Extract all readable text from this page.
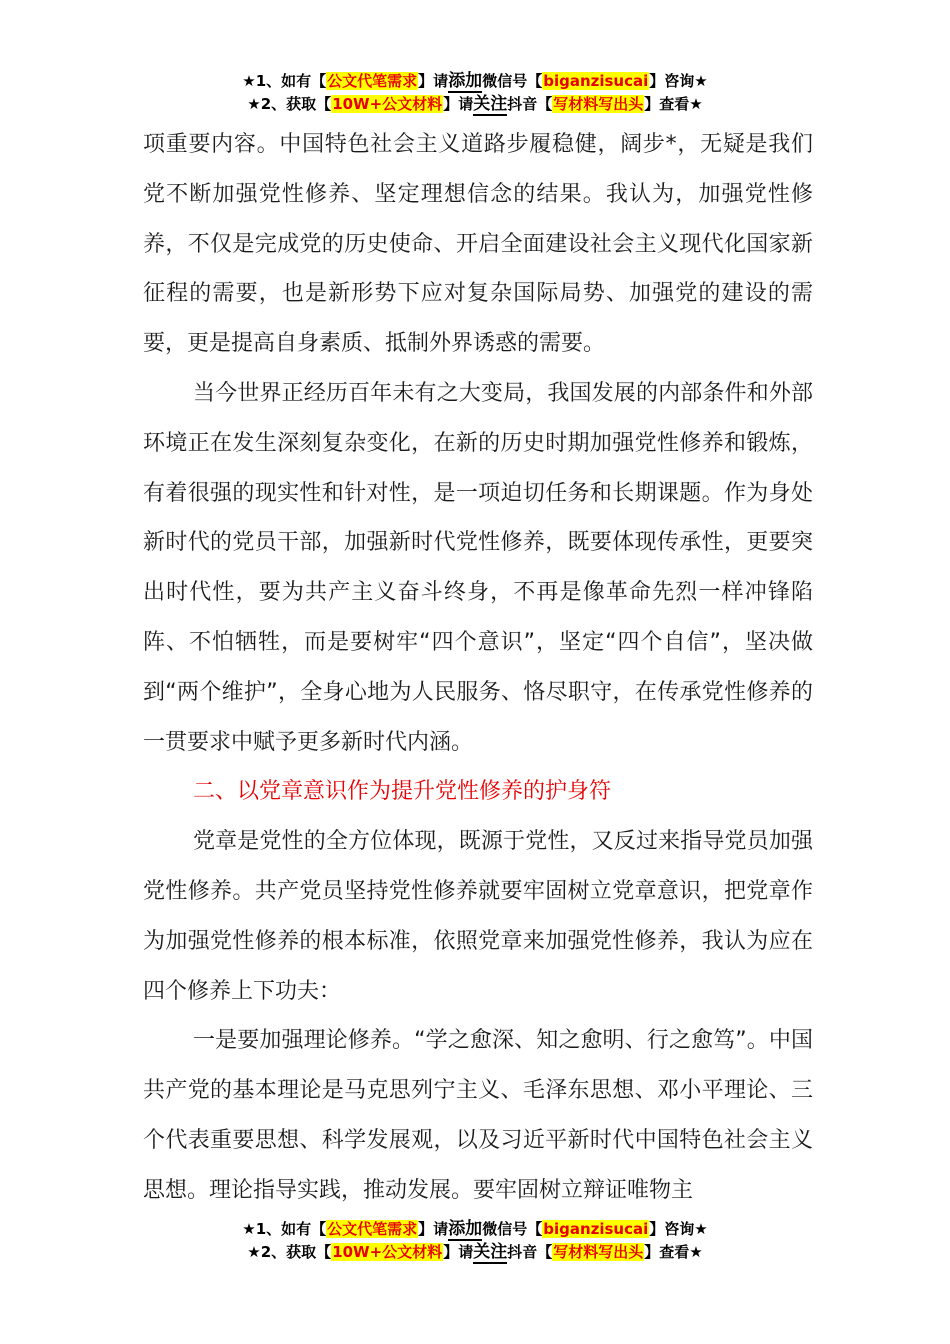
★1、如有【公文代笔需求】请添加微信号【biganzisucai】咨询★
★2、获取【10W+公文材料】请关注抖音【写材料写出头】查看★

项重要内容。中国特色社会主义道路步履稳健，阔步*，无疑是我们党不断加强党性修养、坚定理想信念的结果。我认为，加强党性修养，不仅是完成党的历史使命、开启全面建设社会主义现代化国家新征程的需要，也是新形势下应对复杂国际局势、加强党的建设的需要，更是提高自身素质、抵制外界诱惑的需要。

当今世界正经历百年未有之大变局，我国发展的内部条件和外部环境正在发生深刻复杂变化，在新的历史时期加强党性修养和锻炼，有着很强的现实性和针对性，是一项迫切任务和长期课题。作为身处新时代的党员干部，加强新时代党性修养，既要体现传承性，更要突出时代性，要为共产主义奋斗终身，不再是像革命先烈一样冲锋陷阵、不怕牺牲，而是要树牢“四个意识”，坚定“四个自信”，坚决做到“两个维护”，全身心地为人民服务、恪尽职守，在传承党性修养的一贯要求中赋予更多新时代内涵。

二、以党章意识作为提升党性修养的护身符

党章是党性的全方位体现，既源于党性，又反过来指导党员加强党性修养。共产党员坚持党性修养就要牢固树立党章意识，把党章作为加强党性修养的根本标准，依照党章来加强党性修养，我认为应在四个修养上下功夫：

一是要加强理论修养。“学之愈深、知之愈明、行之愈笃”。中国共产党的基本理论是马克思列宁主义、毛泽东思想、邓小平理论、三个代表重要思想、科学发展观，以及习近平新时代中国特色社会主义思想。理论指导实践，推动发展。要牢固树立辩证唯物主

★1、如有【公文代笔需求】请添加微信号【biganzisucai】咨询★
★2、获取【10W+公文材料】请关注抖音【写材料写出头】查看★
